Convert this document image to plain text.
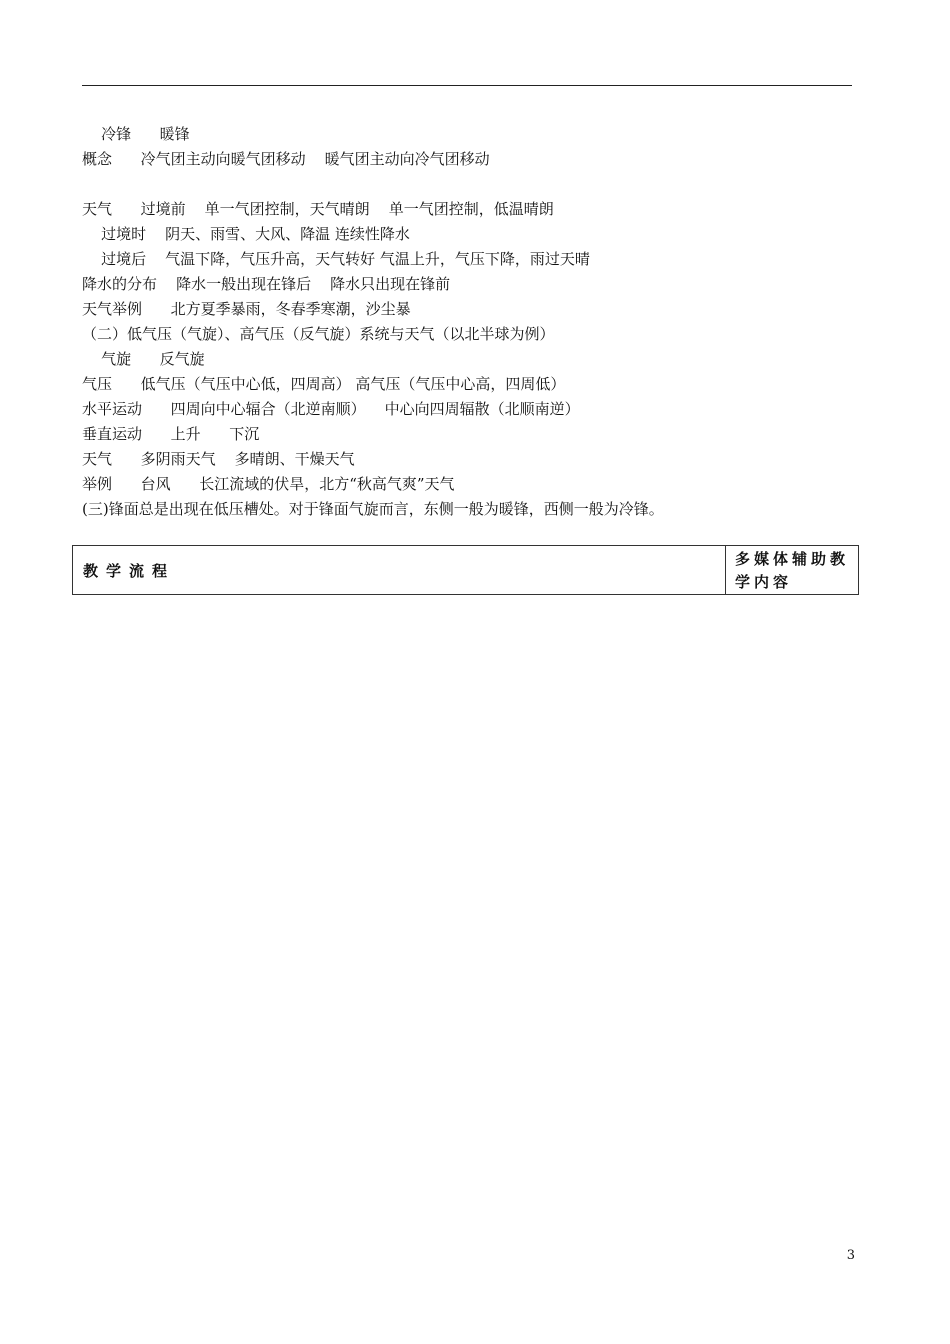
冷锋      暖锋
概念      冷气团主动向暖气团移动    暖气团主动向冷气团移动
天气      过境前    单一气团控制，天气晴朗    单一气团控制，低温晴朗
过境时    阴天、雨雪、大风、降温 连续性降水
过境后    气温下降，气压升高，天气转好 气温上升，气压下降，雨过天晴
降水的分布    降水一般出现在锋后    降水只出现在锋前
天气举例      北方夏季暴雨，冬春季寒潮，沙尘暴
（二）低气压（气旋）、高气压（反气旋）系统与天气（以北半球为例）
气旋      反气旋
气压      低气压（气压中心低，四周高） 高气压（气压中心高，四周低）
水平运动      四周向中心辐合（北逆南顺）    中心向四周辐散（北顺南逆）
垂直运动      上升      下沉
天气      多阴雨天气    多晴朗、干燥天气
举例      台风      长江流域的伏旱，北方“秋高气爽”天气
(三)锋面总是出现在低压槽处。对于锋面气旋而言，东侧一般为暖锋，西侧一般为冷锋。
教学流程
多媒体辅助教学内容
3
